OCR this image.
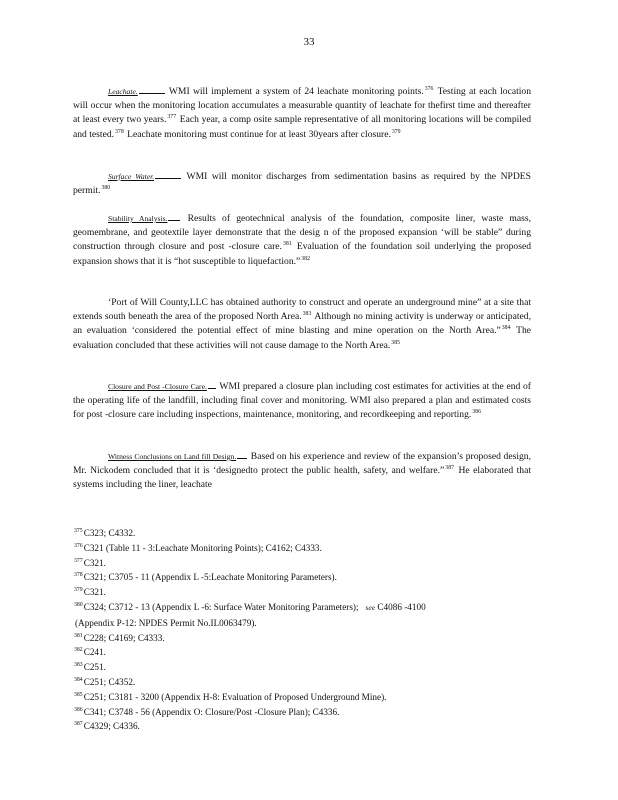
33
Leachate.	WMI will implement a system of 24 leachate monitoring points.$^{376}$ Testing at each location will occur when the monitoring location accumulates a measurable quantity of leachate for thefirst time and thereafter at least every two years.$^{377}$ Each year, a comp osite sample representative of all monitoring locations will be compiled and tested.$^{378}$ Leachate monitoring must continue for at least 30years after closure.$^{379}$
Surface Water.	WMI will monitor discharges from sedimentation basins as required by the NPDES permit.$^{380}$
Stability Analysis. Results of geotechnical analysis of the foundation, composite liner, waste mass, geomembrane, and geotextile layer demonstrate that the desig n of the proposed expansion ‘will be stable” during construction through closure and post -closure care.$^{381}$ Evaluation of the foundation soil underlying the proposed expansion shows that it is “hot susceptible to liquefaction.”$^{382}$
‘Port of Will County,LLC has obtained authority to construct and operate an underground mine” at a site that extends south beneath the area of the proposed North Area.$^{383}$ Although no mining activity is underway or anticipated, an evaluation ‘considered the potential effect of mine blasting and mine operation on the North Area.”$^{384}$ The evaluation concluded that these activities will not cause damage to the North Area.$^{385}$
Closure and Post -Closure Care. WMI prepared a closure plan including cost estimates for activities at the end of the operating life of the landfill, including final cover and monitoring. WMI also prepared a plan and estimated costs for post -closure care including inspections, maintenance, monitoring, and recordkeeping and reporting.$^{386}$
Witness Conclusions on Land fill Design. Based on his experience and review of the expansion’s proposed design, Mr. Nickodem concluded that it is ‘designedto protect the public health, safety, and welfare.”$^{387}$ He elaborated that systems including the liner, leachate
$^{375}$C323; C4332.
$^{376}$C321 (Table 11 - 3:Leachate Monitoring Points); C4162; C4333.
$^{377}$C321.
$^{378}$C321; C3705 - 11 (Appendix L -5:Leachate Monitoring Parameters).
$^{379}$C321.
$^{380}$C324; C3712 - 13 (Appendix L -6: Surface Water Monitoring Parameters); see C4086 -4100
(Appendix P-12: NPDES Permit No.IL0063479).
$^{381}$C228; C4169; C4333.
$^{382}$C241.
$^{383}$C251.
$^{384}$C251; C4352.
$^{385}$C251; C3181 - 3200 (Appendix H-8: Evaluation of Proposed Underground Mine).
$^{386}$C341; C3748 - 56 (Appendix O: Closure/Post -Closure Plan); C4336.
$^{387}$C4329; C4336.
